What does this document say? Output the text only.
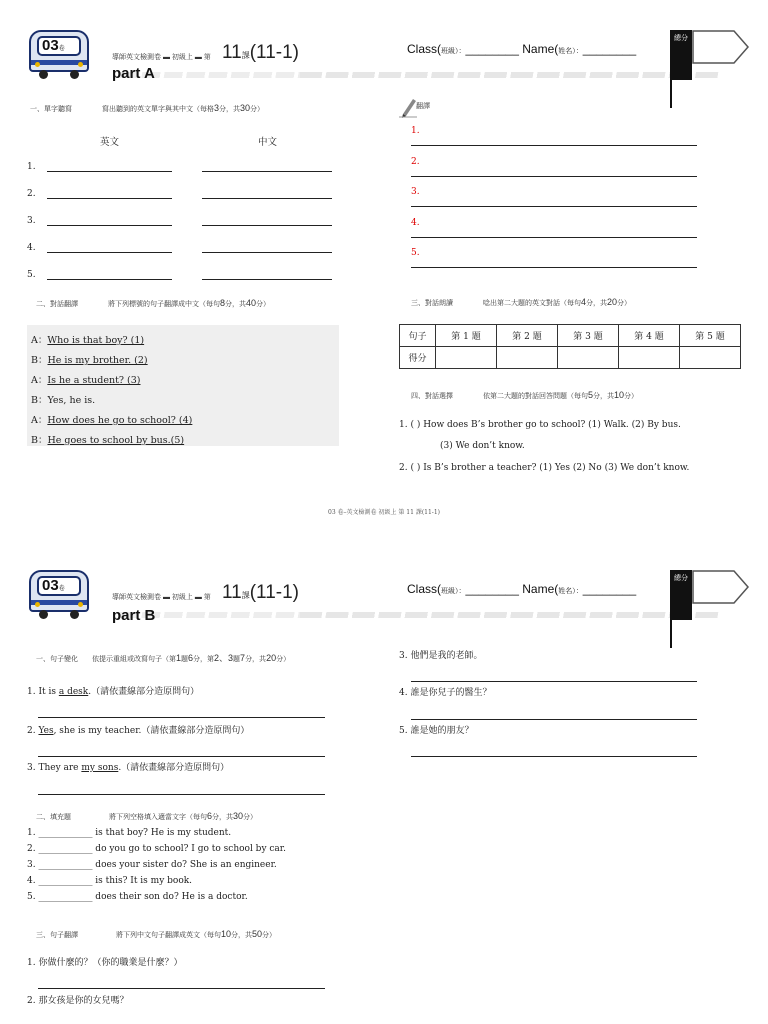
03卷
導師英文檢測卷 ▬ 初級上 ▬ 第 11課(11-1)
part A
Class(班級）：________ Name(姓名）：________
總分
一、單字聽寫	寫出聽到的英文單字與其中文（每格3分，共30分）
英文	中文
1.
2.
3.
4.
5.
二、對話翻譯	將下列標號的句子翻譯成中文（每句8分，共40分）
A：Who is that boy? (1)
B：He is my brother. (2)
A：Is he a student? (3)
B：Yes, he is.
A：How does he go to school? (4)
B：He goes to school by bus.(5)
翻譯
1.
2.
3.
4.
5.
三、對話朗讀	唸出第二大題的英文對話（每句4分，共20分）
句子	第 1 題	第 2 題	第 3 題	第 4 題	第 5 題
得分					
四、對話選擇	依第二大題的對話回答問題（每句5分，共10分）
1. ( ) How does B’s brother go to school? (1) Walk. (2) By bus.
(3) We don’t know.
2. ( ) Is B’s brother a teacher? (1) Yes (2) No (3) We don’t know.
03 卷–英文檢測卷 初級上 第 11 課(11-1)
03卷
導師英文檢測卷 ▬ 初級上 ▬ 第 11課(11-1)
part B
Class(班級）：________ Name(姓名）：________
總分
一、句子變化 依提示重組或改寫句子（第1題6分，第2、3題7分，共20分）
1. It is a desk.（請依畫線部分造原問句）
2. Yes, she is my teacher.（請依畫線部分造原問句）
3. They are my sons.（請依畫線部分造原問句）
二、填充題	將下列空格填入適當文字（每句6分，共30分）
1. ____________ is that boy? He is my student.
2. ____________ do you go to school? I go to school by car.
3. ____________ does your sister do? She is an engineer.
4. ____________ is this? It is my book.
5. ____________ does their son do? He is a doctor.
三、句子翻譯	將下列中文句子翻譯成英文（每句10分，共50分）
1. 你做什麼的？（你的職業是什麼？）
2. 那女孩是你的女兒嗎？
3. 他們是我的老師。
4. 誰是你兒子的醫生？
5. 誰是她的朋友？
